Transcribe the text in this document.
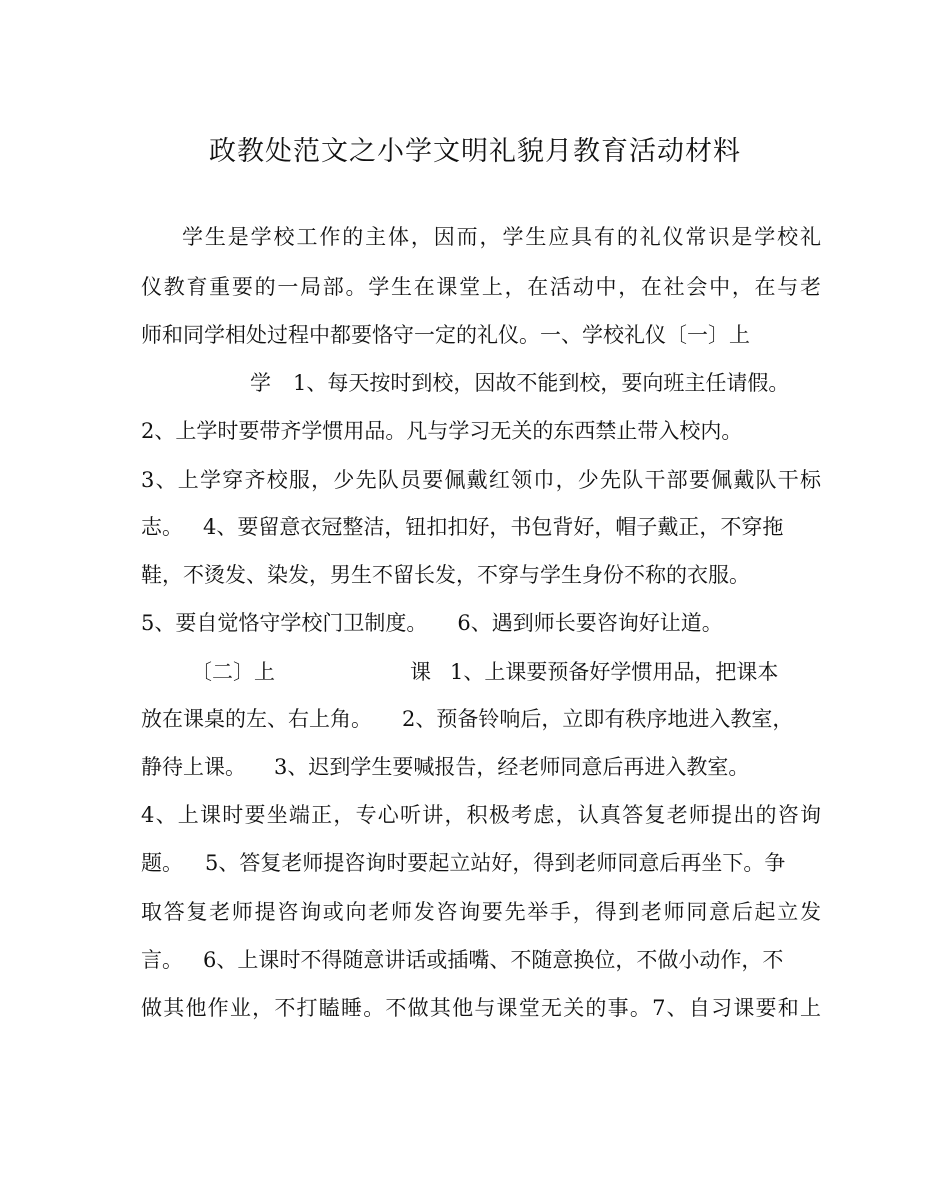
政教处范文之小学文明礼貌月教育活动材料

学生是学校工作的主体，因而，学生应具有的礼仪常识是学校礼

仪教育重要的一局部。学生在课堂上，在活动中，在社会中，在与老

师和同学相处过程中都要恪守一定的礼仪。一、学校礼仪〔一〕上

学 1、每天按时到校，因故不能到校，要向班主任请假。

2、上学时要带齐学惯用品。凡与学习无关的东西禁止带入校内。

3、上学穿齐校服，少先队员要佩戴红领巾，少先队干部要佩戴队干标

志。 4、要留意衣冠整洁，钮扣扣好，书包背好，帽子戴正，不穿拖

鞋，不烫发、染发，男生不留长发，不穿与学生身份不称的衣服。

5、要自觉恪守学校门卫制度。 6、遇到师长要咨询好让道。

〔二〕上	课 1、上课要预备好学惯用品，把课本

放在课桌的左、右上角。 2、预备铃响后，立即有秩序地进入教室，

静待上课。 3、迟到学生要喊报告，经老师同意后再进入教室。

4、上课时要坐端正，专心听讲，积极考虑，认真答复老师提出的咨询

题。 5、答复老师提咨询时要起立站好，得到老师同意后再坐下。争

取答复老师提咨询或向老师发咨询要先举手，得到老师同意后起立发

言。 6、上课时不得随意讲话或插嘴、不随意换位，不做小动作，不

做其他作业，不打瞌睡。不做其他与课堂无关的事。7、自习课要和上
